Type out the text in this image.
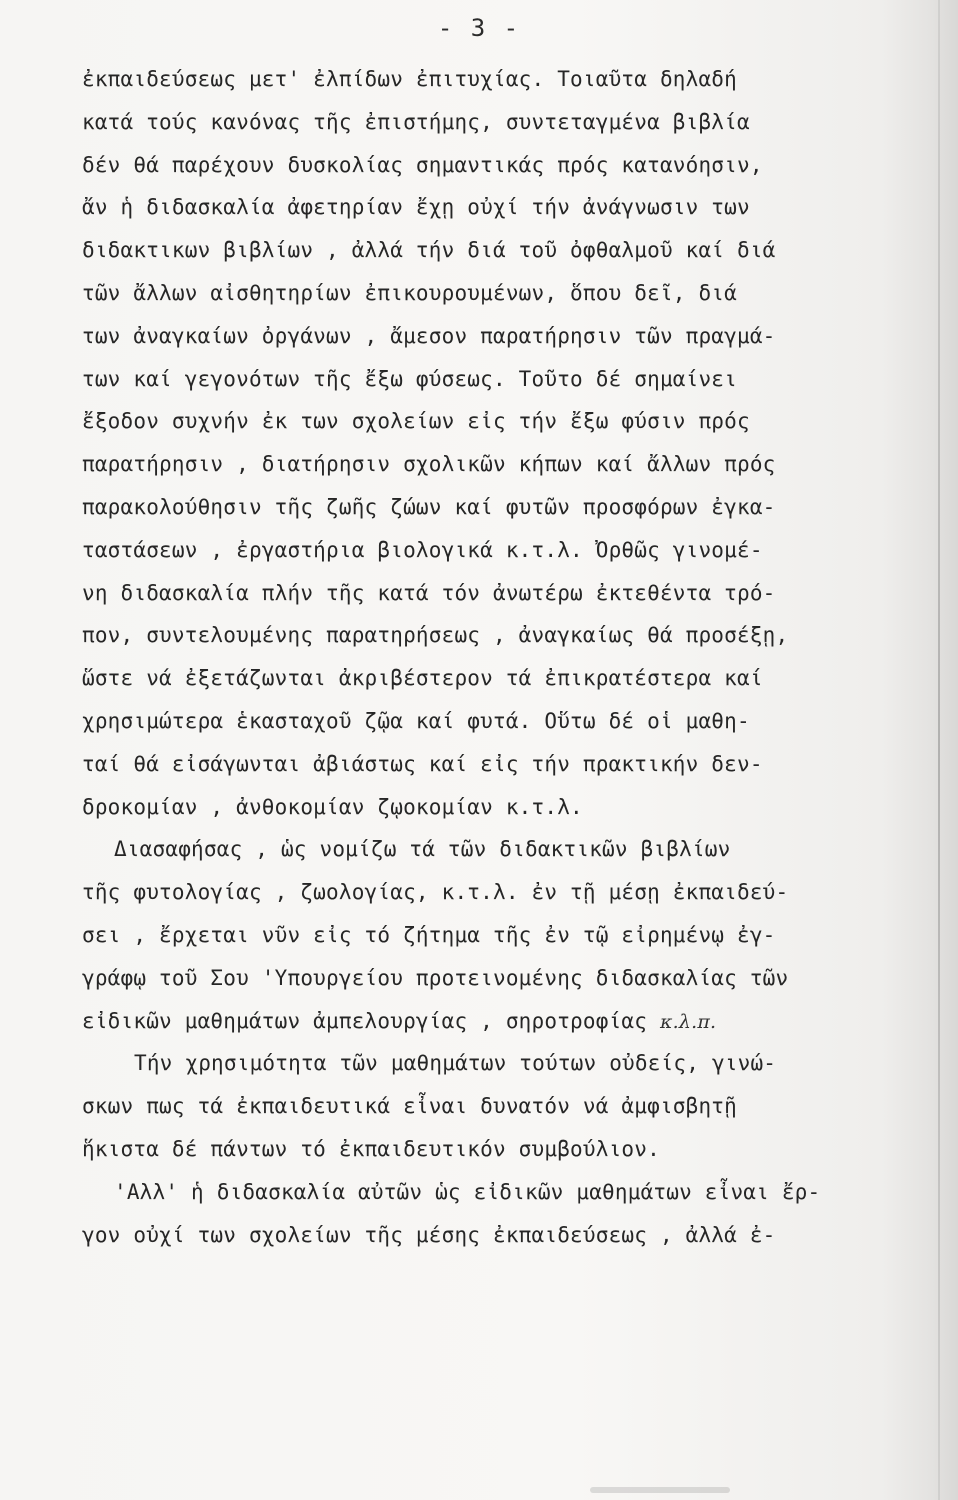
- 3 -
ἐκπαιδεύσεως μετ' ἐλπίδων ἐπιτυχίας. Τοιαῦτα δηλαδή
κατά τούς κανόνας τῆς ἐπιστήμης, συντεταγμένα βιβλία
δέν θά παρέχουν δυσκολίας σημαντικάς πρός κατανόησιν,
ἄν ἡ διδασκαλία ἀφετηρίαν ἔχῃ οὐχί τήν ἀνάγνωσιν των
διδακτικων βιβλίων , ἀλλά τήν διά τοῦ ὀφθαλμοῦ καί διά
τῶν ἄλλων αἰσθητηρίων ἐπικουρουμένων, ὅπου δεῖ, διά
των ἀναγκαίων ὀργάνων , ἄμεσον παρατήρησιν τῶν πραγμά-
των καί γεγονότων τῆς ἔξω φύσεως. Τοῦτο δέ σημαίνει
ἔξοδον συχνήν ἐκ των σχολείων εἰς τήν ἔξω φύσιν πρός
παρατήρησιν , διατήρησιν σχολικῶν κήπων καί ἄλλων πρός
παρακολούθησιν τῆς ζωῆς ζώων καί φυτῶν προσφόρων ἐγκα-
ταστάσεων , ἐργαστήρια βιολογικά κ.τ.λ. Ὀρθῶς γινομέ-
νη διδασκαλία πλήν τῆς κατά τόν ἀνωτέρω ἐκτεθέντα τρό-
πον, συντελουμένης παρατηρήσεως , ἀναγκαίως θά προσέξῃ,
ὥστε νά ἐξετάζωνται ἀκριβέστερον τά ἐπικρατέστερα καί
χρησιμώτερα ἑκασταχοῦ ζῷα καί φυτά. Οὕτω δέ οἱ μαθη-
ταί θά εἰσάγωνται ἀβιάστως καί εἰς τήν πρακτικήν δεν-
δροκομίαν , ἀνθοκομίαν ζῳοκομίαν κ.τ.λ.
Διασαφήσας , ὡς νομίζω τά τῶν διδακτικῶν βιβλίων
τῆς φυτολογίας , ζωολογίας, κ.τ.λ. ἐν τῇ μέσῃ ἐκπαιδεύ-
σει , ἔρχεται νῦν εἰς τό ζήτημα τῆς ἐν τῷ εἰρημένῳ ἐγ-
γράφῳ τοῦ Σου 'Υπουργείου προτεινομένης διδασκαλίας τῶν
εἰδικῶν μαθημάτων ἀμπελουργίας , σηροτροφίας κ.λ.π.
Τήν χρησιμότητα τῶν μαθημάτων τούτων οὐδείς, γινώ-
σκων πως τά ἐκπαιδευτικά εἶναι δυνατόν νά ἀμφισβητῇ
ἥκιστα δέ πάντων τό ἐκπαιδευτικόν συμβούλιον.
'Αλλ' ἡ διδασκαλία αὐτῶν ὡς εἰδικῶν μαθημάτων εἶναι ἔρ-
γον οὐχί των σχολείων τῆς μέσης ἐκπαιδεύσεως , ἀλλά ἐ-
